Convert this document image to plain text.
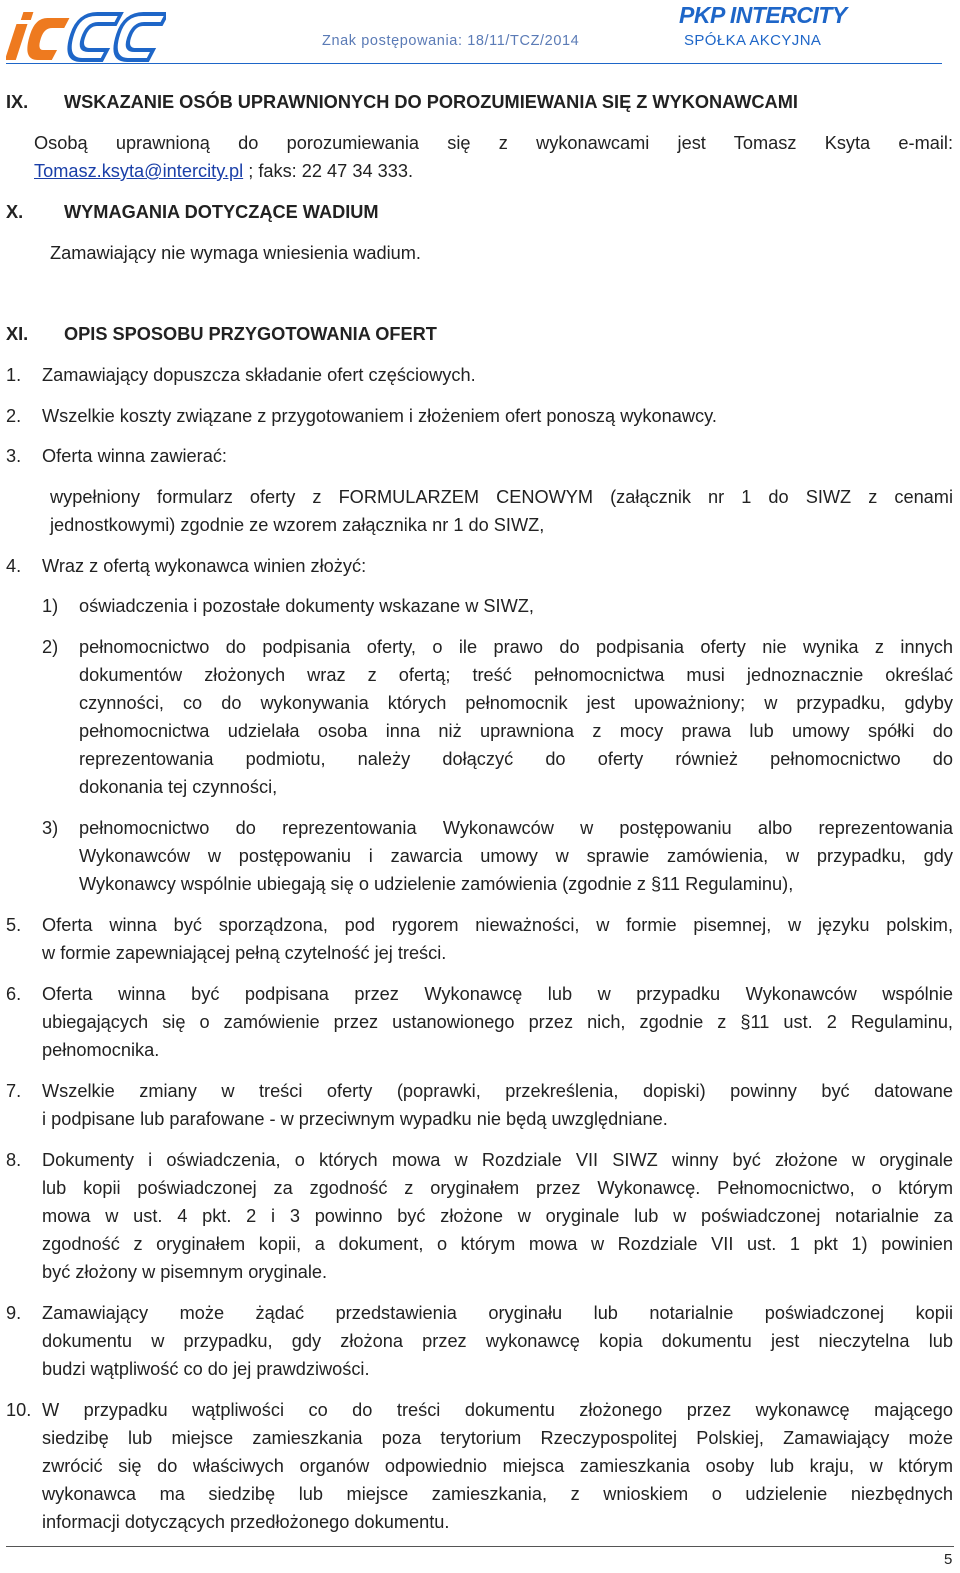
Znak postępowania: 18/11/TCZ/2014
PKP INTERCITY
SPÓŁKA AKCYJNA
IX. WSKAZANIE OSÓB UPRAWNIONYCH DO POROZUMIEWANIA SIĘ Z WYKONAWCAMI
Osobą uprawnioną do porozumiewania się z wykonawcami jest Tomasz Ksyta e-mail:
Tomasz.ksyta@intercity.pl ; faks: 22 47 34 333.
X. WYMAGANIA DOTYCZĄCE WADIUM
Zamawiający nie wymaga wniesienia wadium.
XI. OPIS SPOSOBU PRZYGOTOWANIA OFERT
1. Zamawiający dopuszcza składanie ofert częściowych.
2. Wszelkie koszty związane z przygotowaniem i złożeniem ofert ponoszą wykonawcy.
3. Oferta winna zawierać:
wypełniony formularz oferty z FORMULARZEM CENOWYM (załącznik nr 1 do SIWZ z cenami
jednostkowymi) zgodnie ze wzorem załącznika nr 1 do SIWZ,
4. Wraz z ofertą wykonawca winien złożyć:
1) oświadczenia i pozostałe dokumenty wskazane w SIWZ,
2) pełnomocnictwo do podpisania oferty, o ile prawo do podpisania oferty nie wynika z innych
dokumentów złożonych wraz z ofertą; treść pełnomocnictwa musi jednoznacznie określać
czynności, co do wykonywania których pełnomocnik jest upoważniony; w przypadku, gdyby
pełnomocnictwa udzielała osoba inna niż uprawniona z mocy prawa lub umowy spółki do
reprezentowania podmiotu, należy dołączyć do oferty również pełnomocnictwo do
dokonania tej czynności,
3) pełnomocnictwo do reprezentowania Wykonawców w postępowaniu albo reprezentowania
Wykonawców w postępowaniu i zawarcia umowy w sprawie zamówienia, w przypadku, gdy
Wykonawcy wspólnie ubiegają się o udzielenie zamówienia (zgodnie z §11 Regulaminu),
5. Oferta winna być sporządzona, pod rygorem nieważności, w formie pisemnej, w języku polskim,
w formie zapewniającej pełną czytelność jej treści.
6. Oferta winna być podpisana przez Wykonawcę lub w przypadku Wykonawców wspólnie
ubiegających się o zamówienie przez ustanowionego przez nich, zgodnie z §11 ust. 2 Regulaminu,
pełnomocnika.
7. Wszelkie zmiany w treści oferty (poprawki, przekreślenia, dopiski) powinny być datowane
i podpisane lub parafowane - w przeciwnym wypadku nie będą uwzględniane.
8. Dokumenty i oświadczenia, o których mowa w Rozdziale VII SIWZ winny być złożone w oryginale
lub kopii poświadczonej za zgodność z oryginałem przez Wykonawcę. Pełnomocnictwo, o którym
mowa w ust. 4 pkt. 2 i 3 powinno być złożone w oryginale lub w poświadczonej notarialnie za
zgodność z oryginałem kopii, a dokument, o którym mowa w Rozdziale VII ust. 1 pkt 1) powinien
być złożony w pisemnym oryginale.
9. Zamawiający może żądać przedstawienia oryginału lub notarialnie poświadczonej kopii
dokumentu w przypadku, gdy złożona przez wykonawcę kopia dokumentu jest nieczytelna lub
budzi wątpliwość co do jej prawdziwości.
10. W przypadku wątpliwości co do treści dokumentu złożonego przez wykonawcę mającego
siedzibę lub miejsce zamieszkania poza terytorium Rzeczypospolitej Polskiej, Zamawiający może
zwrócić się do właściwych organów odpowiednio miejsca zamieszkania osoby lub kraju, w którym
wykonawca ma siedzibę lub miejsce zamieszkania, z wnioskiem o udzielenie niezbędnych
informacji dotyczących przedłożonego dokumentu.
5
